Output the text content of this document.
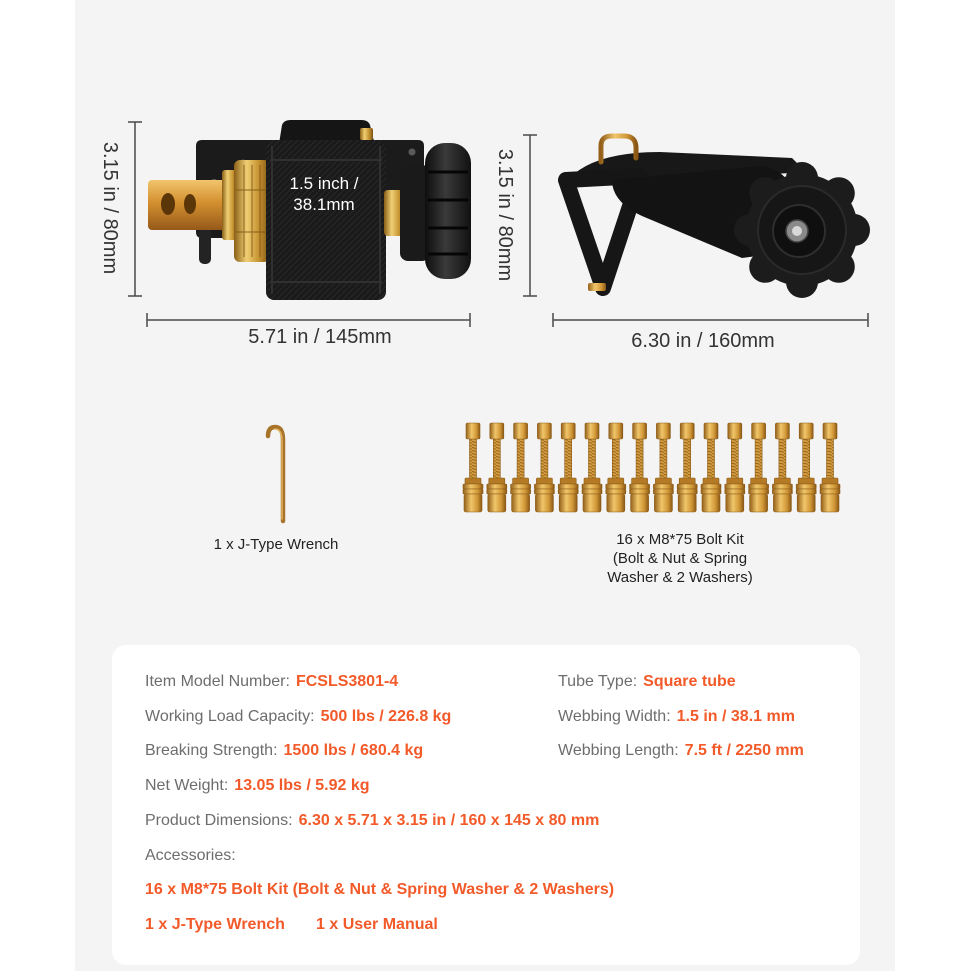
3.15 in / 80mm
5.71 in / 145mm
3.15 in / 80mm
6.30 in / 160mm
1.5 inch /
38.1mm
1 x J-Type Wrench	16 x M8*75 Bolt Kit
(Bolt & Nut & Spring
Washer & 2 Washers)
Item Model Number: FCSLS3801-4	Tube Type: Square tube
Working Load Capacity: 500 lbs / 226.8 kg	Webbing Width: 1.5 in / 38.1 mm
Breaking Strength: 1500 lbs / 680.4 kg	Webbing Length: 7.5 ft / 2250 mm
Net Weight: 13.05 lbs / 5.92 kg
Product Dimensions: 6.30 x 5.71 x 3.15 in / 160 x 145 x 80 mm
Accessories:
16 x M8*75 Bolt Kit (Bolt & Nut & Spring Washer & 2 Washers)
1 x J-Type Wrench 1 x User Manual
